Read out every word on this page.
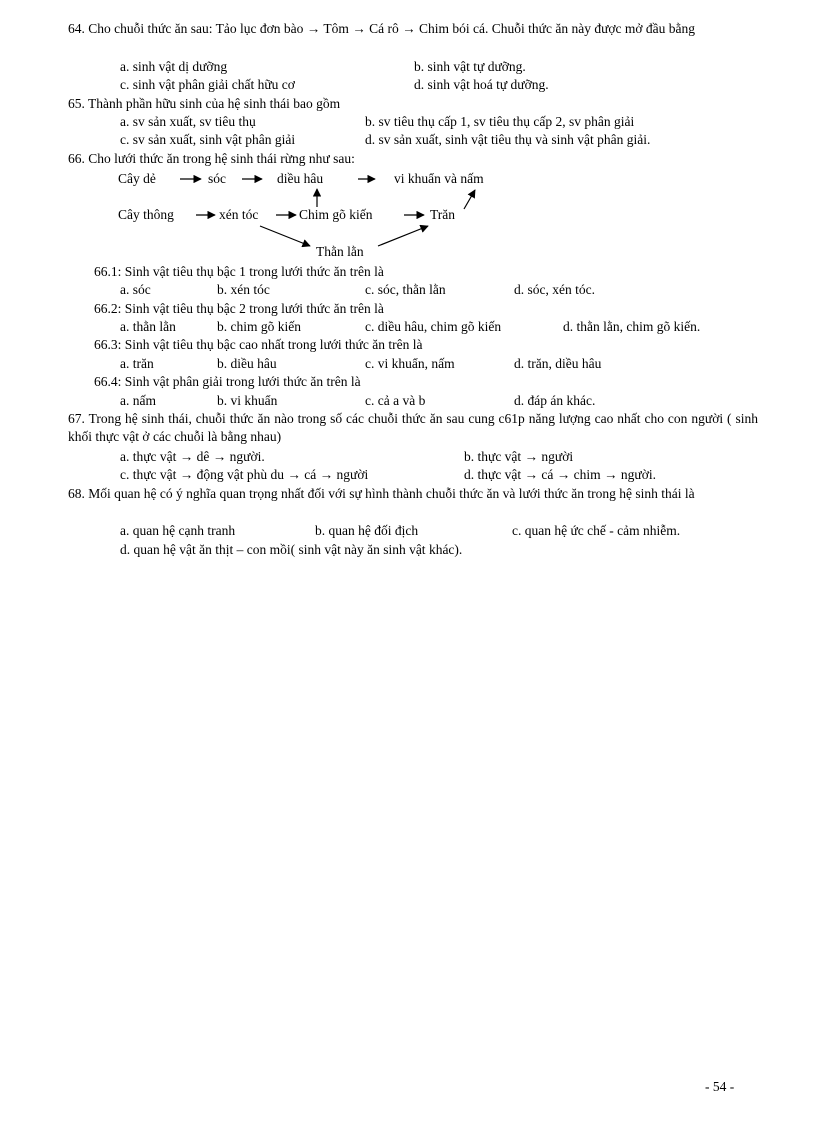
64. Cho chuỗi thức ăn sau: Tảo lục đơn bào → Tôm → Cá rô → Chim bói cá. Chuỗi thức ăn này được mở đầu bằng
a. sinh vật dị dưỡng	b. sinh vật tự dưỡng.
c. sinh vật phân giải chất hữu cơ	d. sinh vật hoá tự dưỡng.
65. Thành phần hữu sinh của hệ sinh thái bao gồm
a. sv sản xuất, sv tiêu thụ	b. sv tiêu thụ cấp 1, sv tiêu thụ cấp 2, sv phân giải
c. sv sản xuất, sinh vật phân giải	d. sv sản xuất, sinh vật tiêu thụ và sinh vật phân giải.
66. Cho lưới thức ăn trong hệ sinh thái rừng như sau:
Cây dẻ	sóc	diều hâu	vi khuẩn và nấm
Cây thông	xén tóc	Chim gõ kiến	Trăn
Thằn lằn
66.1: Sinh vật tiêu thụ bậc 1 trong lưới thức ăn trên là
a. sóc	b. xén tóc	c. sóc, thằn lằn	d. sóc, xén tóc.
66.2: Sinh vật tiêu thụ bậc 2 trong lưới thức ăn trên là
a. thằn lằn	b. chim gõ kiến	c. diều hâu, chim gõ kiến	d. thằn lằn, chim gõ kiến.
66.3: Sinh vật tiêu thụ bậc cao nhất trong lưới thức ăn trên là
a. trăn	b. diều hâu	c. vi khuẩn, nấm	d. trăn, diều hâu
66.4: Sinh vật phân giải trong lưới thức ăn trên là
a. nấm	b. vi khuẩn	c. cả a và b	d. đáp án khác.
67. Trong hệ sinh thái, chuỗi thức ăn nào trong số các chuỗi thức ăn sau cung c61p năng lượng cao nhất cho con người ( sinh khối thực vật ở các chuỗi là bằng nhau)
a. thực vật → dê → người.	b. thực vật → người
c. thực vật → động vật phù du → cá → người	d. thực vật → cá → chim → người.
68. Mối quan hệ có ý nghĩa quan trọng nhất đối với sự hình thành chuỗi thức ăn và lưới thức ăn trong hệ sinh thái là
a. quan hệ cạnh tranh	b. quan hệ đối địch	c. quan hệ ức chế - cảm nhiễm.
d. quan hệ vật ăn thịt – con mồi( sinh vật này ăn sinh vật khác).
- 54 -
